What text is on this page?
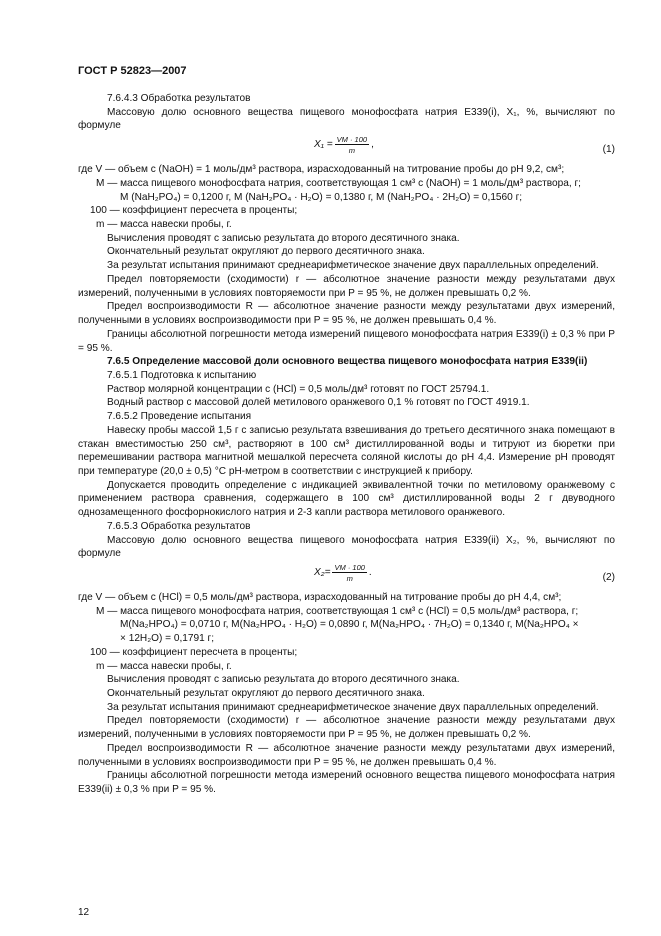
ГОСТ Р 52823—2007

7.6.4.3 Обработка результатов

Массовую долю основного вещества пищевого монофосфата натрия Е339(i), X₁, %, вычисляют по формуле

$X_1 = \frac{VM \cdot 100}{m}$ ,	(1)

где V — объем c (NaOH) = 1 моль/дм³ раствора, израсходованный на титрование пробы до рН 9,2, см³;

M — масса пищевого монофосфата натрия, соответствующая 1 см³ c (NaOH) = 1 моль/дм³ раствора, г;

M (NaH₂PO₄) = 0,1200 г, M (NaH₂PO₄ · H₂O) = 0,1380 г, M (NaH₂PO₄ · 2H₂O) = 0,1560 г;

100 — коэффициент пересчета в проценты;

m — масса навески пробы, г.

Вычисления проводят с записью результата до второго десятичного знака.

Окончательный результат округляют до первого десятичного знака.

За результат испытания принимают среднеарифметическое значение двух параллельных определений.

Предел повторяемости (сходимости) r — абсолютное значение разности между результатами двух измерений, полученными в условиях повторяемости при P = 95 %, не должен превышать 0,2 %.

Предел воспроизводимости R — абсолютное значение разности между результатами двух измерений, полученными в условиях воспроизводимости при P = 95 %, не должен превышать 0,4 %.

Границы абсолютной погрешности метода измерений пищевого монофосфата натрия Е339(i) ± 0,3 % при P = 95 %.

7.6.5 Определение массовой доли основного вещества пищевого монофосфата натрия Е339(ii)

7.6.5.1 Подготовка к испытанию

Раствор молярной концентрации c (HCl) = 0,5 моль/дм³ готовят по ГОСТ 25794.1.

Водный раствор с массовой долей метилового оранжевого 0,1 % готовят по ГОСТ 4919.1.

7.6.5.2 Проведение испытания

Навеску пробы массой 1,5 г с записью результата взвешивания до третьего десятичного знака помещают в стакан вместимостью 250 см³, растворяют в 100 см³ дистиллированной воды и титруют из бюретки при перемешивании раствора магнитной мешалкой пересчета соляной кислоты до рН 4,4. Измерение рН проводят при температуре (20,0 ± 0,5) °С рН-метром в соответствии с инструкцией к прибору.

Допускается проводить определение с индикацией эквивалентной точки по метиловому оранжевому с применением раствора сравнения, содержащего в 100 см³ дистиллированной воды 2 г двуводного однозамещенного фосфорнокислого натрия и 2-3 капли раствора метилового оранжевого.

7.6.5.3 Обработка результатов

Массовую долю основного вещества пищевого монофосфата натрия Е339(ii) X₂, %, вычисляют по формуле

$X_2= \frac{VM \cdot 100}{m}$ .	(2)

где V — объем c (HCl) = 0,5 моль/дм³ раствора, израсходованный на титрование пробы до рН 4,4, см³;

M — масса пищевого монофосфата натрия, соответствующая 1 см³ c (HCl) = 0,5 моль/дм³ раствора, г;

M(Na₂HPO₄) = 0,0710 г, M(Na₂HPO₄ · H₂O) = 0,0890 г, M(Na₂HPO₄ · 7H₂O) = 0,1340 г, M(Na₂HPO₄ ×

× 12H₂O) = 0,1791 г;

100 — коэффициент пересчета в проценты;

m — масса навески пробы, г.

Вычисления проводят с записью результата до второго десятичного знака.

Окончательный результат округляют до первого десятичного знака.

За результат испытания принимают среднеарифметическое значение двух параллельных определений.

Предел повторяемости (сходимости) r — абсолютное значение разности между результатами двух измерений, полученными в условиях повторяемости при P = 95 %, не должен превышать 0,2 %.

Предел воспроизводимости R — абсолютное значение разности между результатами двух измерений, полученными в условиях воспроизводимости при P = 95 %, не должен превышать 0,4 %.

Границы абсолютной погрешности метода измерений основного вещества пищевого монофосфата натрия Е339(ii) ± 0,3 % при P = 95 %.

12
